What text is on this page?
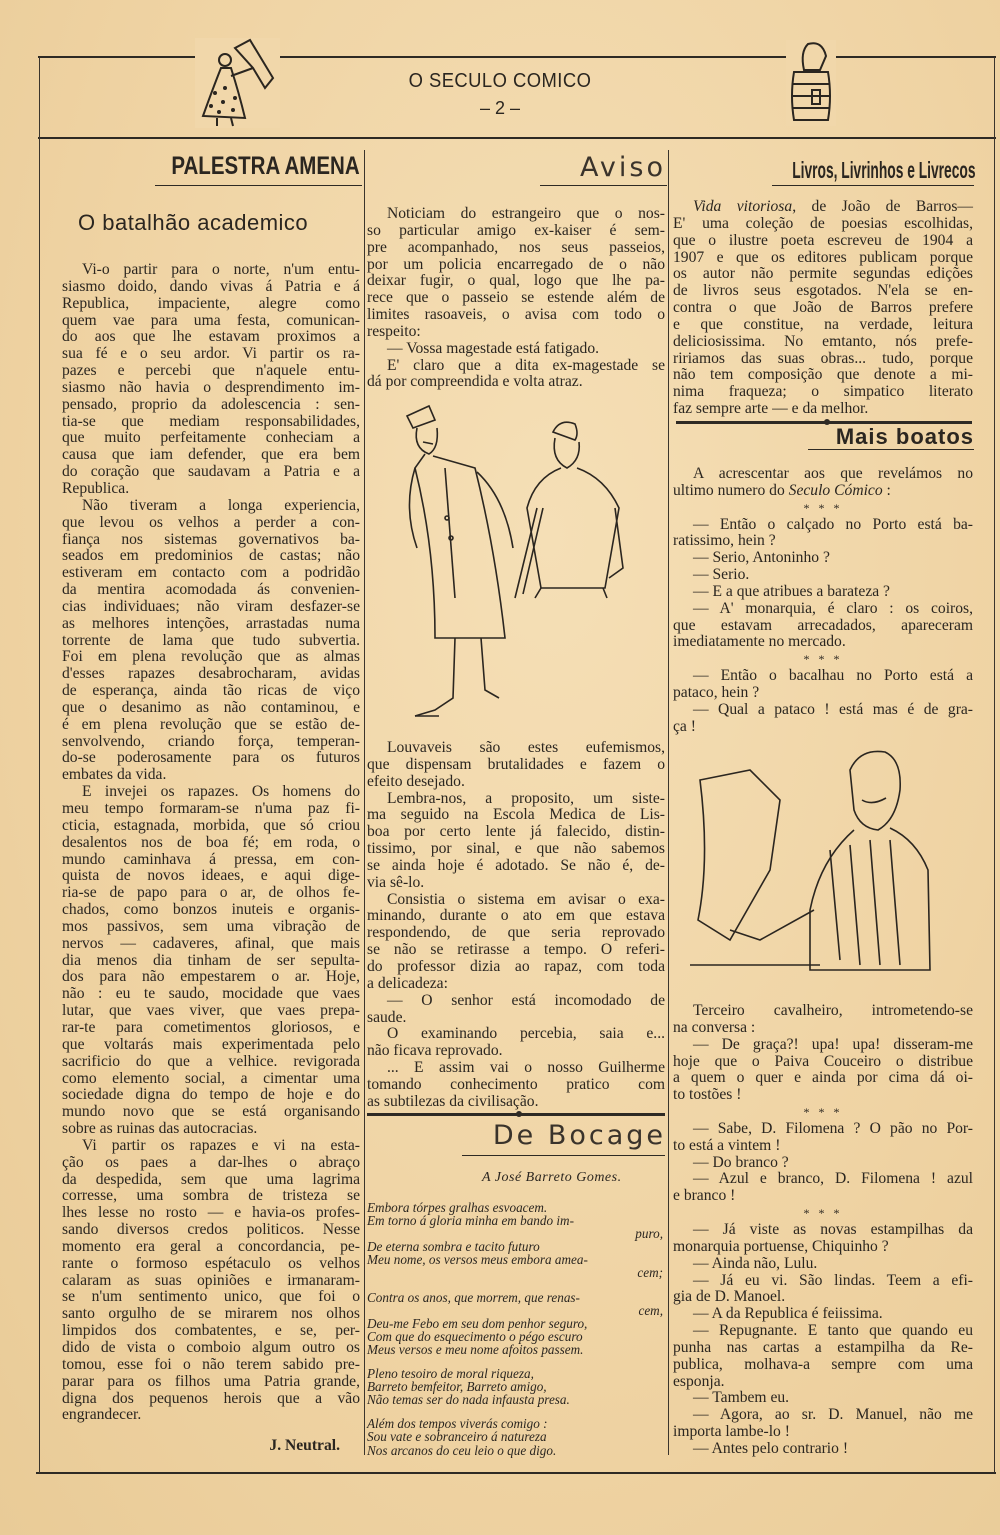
O SECULO COMICO
– 2 –
PALESTRA AMENA
O batalhão academico
Vi-o partir para o norte, n'um entu-
siasmo doido, dando vivas á Patria e á
Republica, impaciente, alegre como
quem vae para uma festa, comunican-
do aos que lhe estavam proximos a
sua fé e o seu ardor. Vi partir os ra-
pazes e percebi que n'aquele entu-
siasmo não havia o desprendimento im-
pensado, proprio da adolescencia : sen-
tia-se que mediam responsabilidades,
que muito perfeitamente conheciam a
causa que iam defender, que era bem
do coração que saudavam a Patria e a
Republica.
Não tiveram a longa experiencia,
que levou os velhos a perder a con-
fiança nos sistemas governativos ba-
seados em predominios de castas; não
estiveram em contacto com a podridão
da mentira acomodada ás convenien-
cias individuaes; não viram desfazer-se
as melhores intenções, arrastadas numa
torrente de lama que tudo subvertia.
Foi em plena revolução que as almas
d'esses rapazes desabrocharam, avidas
de esperança, ainda tão ricas de viço
que o desanimo as não contaminou, e
é em plena revolução que se estão de-
senvolvendo, criando força, temperan-
do-se poderosamente para os futuros
embates da vida.
E invejei os rapazes. Os homens do
meu tempo formaram-se n'uma paz fi-
cticia, estagnada, morbida, que só criou
desalentos nos de boa fé; em roda, o
mundo caminhava á pressa, em con-
quista de novos ideaes, e aqui dige-
ria-se de papo para o ar, de olhos fe-
chados, como bonzos inuteis e organis-
mos passivos, sem uma vibração de
nervos — cadaveres, afinal, que mais
dia menos dia tinham de ser sepulta-
dos para não empestarem o ar. Hoje,
não : eu te saudo, mocidade que vaes
lutar, que vaes viver, que vaes prepa-
rar-te para cometimentos gloriosos, e
que voltarás mais experimentada pelo
sacrificio do que a velhice. revigorada
como elemento social, a cimentar uma
sociedade digna do tempo de hoje e do
mundo novo que se está organisando
sobre as ruinas das autocracias.
Vi partir os rapazes e vi na esta-
ção os paes a dar-lhes o abraço
da despedida, sem que uma lagrima
corresse, uma sombra de tristeza se
lhes lesse no rosto — e havia-os profes-
sando diversos credos politicos. Nesse
momento era geral a concordancia, pe-
rante o formoso espétaculo os velhos
calaram as suas opiniões e irmanaram-
se n'um sentimento unico, que foi o
santo orgulho de se mirarem nos olhos
limpidos dos combatentes, e se, per-
dido de vista o comboio algum outro os
tomou, esse foi o não terem sabido pre-
parar para os filhos uma Patria grande,
digna dos pequenos herois que a vão
engrandecer.
J. Neutral.
Aviso
Noticiam do estrangeiro que o nos-
so particular amigo ex-kaiser é sem-
pre acompanhado, nos seus passeios,
por um policia encarregado de o não
deixar fugir, o qual, logo que lhe pa-
rece que o passeio se estende além de
limites rasoaveis, o avisa com todo o
respeito:
— Vossa magestade está fatigado.
E' claro que a dita ex-magestade se
dá por compreendida e volta atraz.
Louvaveis são estes eufemismos,
que dispensam brutalidades e fazem o
efeito desejado.
Lembra-nos, a proposito, um siste-
ma seguido na Escola Medica de Lis-
boa por certo lente já falecido, distin-
tissimo, por sinal, e que não sabemos
se ainda hoje é adotado. Se não é, de-
via sê-lo.
Consistia o sistema em avisar o exa-
minando, durante o ato em que estava
respondendo, de que seria reprovado
se não se retirasse a tempo. O referi-
do professor dizia ao rapaz, com toda
a delicadeza:
— O senhor está incomodado de
saude.
O examinando percebia, saia e...
não ficava reprovado.
... E assim vai o nosso Guilherme
tomando conhecimento pratico com
as subtilezas da civilisação.
De Bocage
A José Barreto Gomes.
Embora tórpes gralhas esvoacem.
Em torno á gloria minha em bando im-
puro,
De eterna sombra e tacito futuro
Meu nome, os versos meus embora amea-
cem;
Contra os anos, que morrem, que renas-
cem,
Deu-me Febo em seu dom penhor seguro,
Com que do esquecimento o pégo escuro
Meus versos e meu nome afoitos passem.
Pleno tesoiro de moral riqueza,
Barreto bemfeitor, Barreto amigo,
Não temas ser do nada infausta presa.
Além dos tempos viverás comigo :
Sou vate e sobranceiro á natureza
Nos arcanos do ceu leio o que digo.
Livros, Livrinhos e Livrecos
Vida vitoriosa, de João de Barros—
E' uma coleção de poesias escolhidas,
que o ilustre poeta escreveu de 1904 a
1907 e que os editores publicam porque
os autor não permite segundas edições
de livros seus esgotados. N'ela se en-
contra o que João de Barros prefere
e que constitue, na verdade, leitura
deliciosissima. No emtanto, nós prefe-
ririamos das suas obras... tudo, porque
não tem composição que denote a mi-
nima fraqueza; o simpatico literato
faz sempre arte — e da melhor.
Mais boatos
A acrescentar aos que revelámos no
ultimo numero do Seculo Cómico :
* * *
— Então o calçado no Porto está ba-
ratissimo, hein ?
— Serio, Antoninho ?
— Serio.
— E a que atribues a barateza ?
— A' monarquia, é claro : os coiros,
que estavam arrecadados, apareceram
imediatamente no mercado.
* * *
— Então o bacalhau no Porto está a
pataco, hein ?
— Qual a pataco ! está mas é de gra-
ça !
Terceiro cavalheiro, intrometendo-se
na conversa :
— De graça?! upa! upa! disseram-me
hoje que o Paiva Couceiro o distribue
a quem o quer e ainda por cima dá oi-
to tostões !
* * *
— Sabe, D. Filomena ? O pão no Por-
to está a vintem !
— Do branco ?
— Azul e branco, D. Filomena ! azul
e branco !
* * *
— Já viste as novas estampilhas da
monarquia portuense, Chiquinho ?
— Ainda não, Lulu.
— Já eu vi. São lindas. Teem a efi-
gia de D. Manoel.
— A da Republica é feiissima.
— Repugnante. E tanto que quando eu
punha nas cartas a estampilha da Re-
publica, molhava-a sempre com uma
esponja.
— Tambem eu.
— Agora, ao sr. D. Manuel, não me
importa lambe-lo !
— Antes pelo contrario !
